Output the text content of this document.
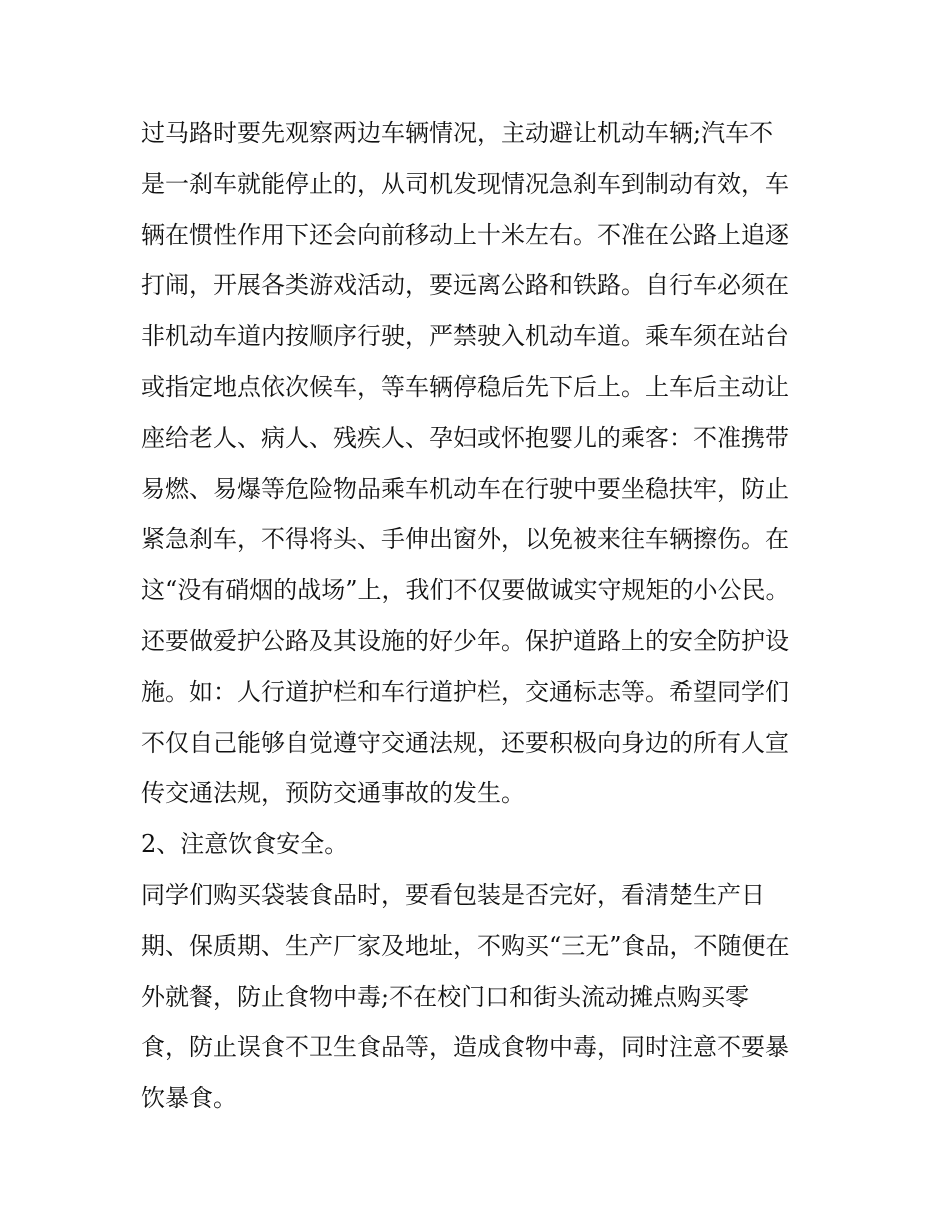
过马路时要先观察两边车辆情况，主动避让机动车辆;汽车不
是一刹车就能停止的，从司机发现情况急刹车到制动有效，车
辆在惯性作用下还会向前移动上十米左右。不准在公路上追逐
打闹，开展各类游戏活动，要远离公路和铁路。自行车必须在
非机动车道内按顺序行驶，严禁驶入机动车道。乘车须在站台
或指定地点依次候车，等车辆停稳后先下后上。上车后主动让
座给老人、病人、残疾人、孕妇或怀抱婴儿的乘客：不准携带
易燃、易爆等危险物品乘车机动车在行驶中要坐稳扶牢，防止
紧急刹车，不得将头、手伸出窗外，以免被来往车辆擦伤。在
这“没有硝烟的战场”上，我们不仅要做诚实守规矩的小公民。
还要做爱护公路及其设施的好少年。保护道路上的安全防护设
施。如：人行道护栏和车行道护栏，交通标志等。希望同学们
不仅自己能够自觉遵守交通法规，还要积极向身边的所有人宣
传交通法规，预防交通事故的发生。
2、注意饮食安全。
同学们购买袋装食品时，要看包装是否完好，看清楚生产日
期、保质期、生产厂家及地址，不购买“三无”食品，不随便在
外就餐，防止食物中毒;不在校门口和街头流动摊点购买零
食，防止误食不卫生食品等，造成食物中毒，同时注意不要暴
饮暴食。
